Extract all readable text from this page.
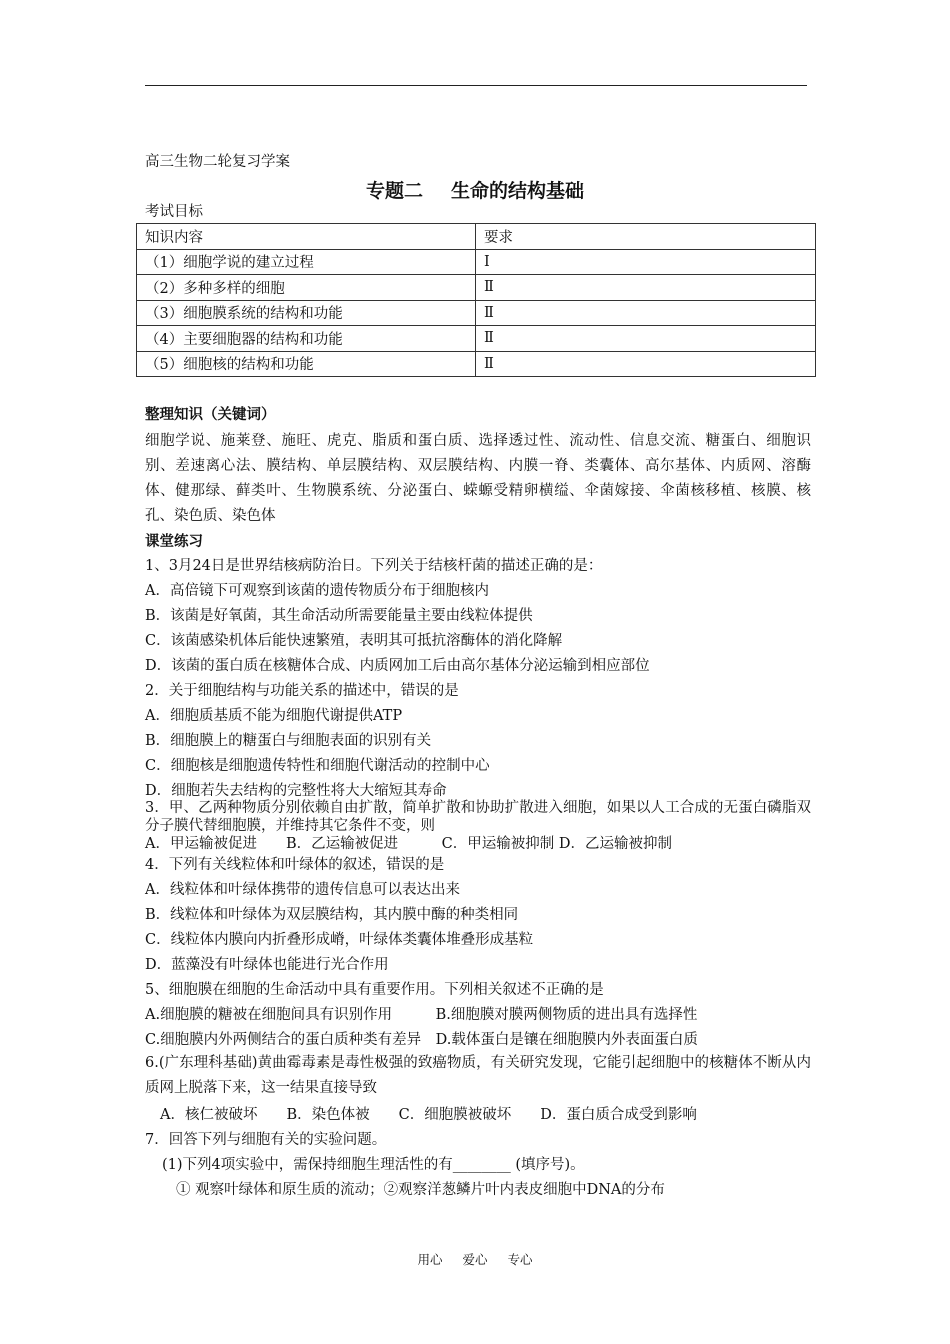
高三生物二轮复习学案
专题二 生命的结构基础
考试目标
知识内容	要求
（1）细胞学说的建立过程	Ⅰ
（2）多种多样的细胞	Ⅱ
（3）细胞膜系统的结构和功能	Ⅱ
（4）主要细胞器的结构和功能	Ⅱ
（5）细胞核的结构和功能	Ⅱ
整理知识（关键词）
细胞学说、施莱登、施旺、虎克、脂质和蛋白质、选择透过性、流动性、信息交流、糖蛋白、细胞识别、差速离心法、膜结构、单层膜结构、双层膜结构、内膜一脊、类囊体、高尔基体、内质网、溶酶体、健那绿、藓类叶、生物膜系统、分泌蛋白、蝾螈受精卵横缢、伞菌嫁接、伞菌核移植、核膜、核孔、染色质、染色体
课堂练习
1、3月24日是世界结核病防治日。下列关于结核杆菌的描述正确的是：
A．高倍镜下可观察到该菌的遗传物质分布于细胞核内
B．该菌是好氧菌，其生命活动所需要能量主要由线粒体提供
C．该菌感染机体后能快速繁殖，表明其可抵抗溶酶体的消化降解
D．该菌的蛋白质在核糖体合成、内质网加工后由高尔基体分泌运输到相应部位
2．关于细胞结构与功能关系的描述中，错误的是
A．细胞质基质不能为细胞代谢提供ATP
B．细胞膜上的糖蛋白与细胞表面的识别有关
C．细胞核是细胞遗传特性和细胞代谢活动的控制中心
D．细胞若失去结构的完整性将大大缩短其寿命
3．甲、乙两种物质分别依赖自由扩散，简单扩散和协助扩散进入细胞，如果以人工合成的无蛋白磷脂双分子膜代替细胞膜，并维持其它条件不变，则
A．甲运输被促进　　B．乙运输被促进　　　C．甲运输被抑制 D．乙运输被抑制
4．下列有关线粒体和叶绿体的叙述，错误的是
A．线粒体和叶绿体携带的遗传信息可以表达出来
B．线粒体和叶绿体为双层膜结构，其内膜中酶的种类相同
C．线粒体内膜向内折叠形成嵴，叶绿体类囊体堆叠形成基粒
D．蓝藻没有叶绿体也能进行光合作用
5、细胞膜在细胞的生命活动中具有重要作用。下列相关叙述不正确的是
A.细胞膜的糖被在细胞间具有识别作用　　　B.细胞膜对膜两侧物质的进出具有选择性
C.细胞膜内外两侧结合的蛋白质种类有差异　D.载体蛋白是镶在细胞膜内外表面蛋白质
6.(广东理科基础)黄曲霉毒素是毒性极强的致癌物质，有关研究发现，它能引起细胞中的核糖体不断从内质网上脱落下来，这一结果直接导致
A．核仁被破坏　　B．染色体被　　C．细胞膜被破坏　　D．蛋白质合成受到影响
7．回答下列与细胞有关的实验问题。
(1)下列4项实验中，需保持细胞生理活性的有________ (填序号)。
① 观察叶绿体和原生质的流动；②观察洋葱鳞片叶内表皮细胞中DNA的分布
用心 爱心 专心
